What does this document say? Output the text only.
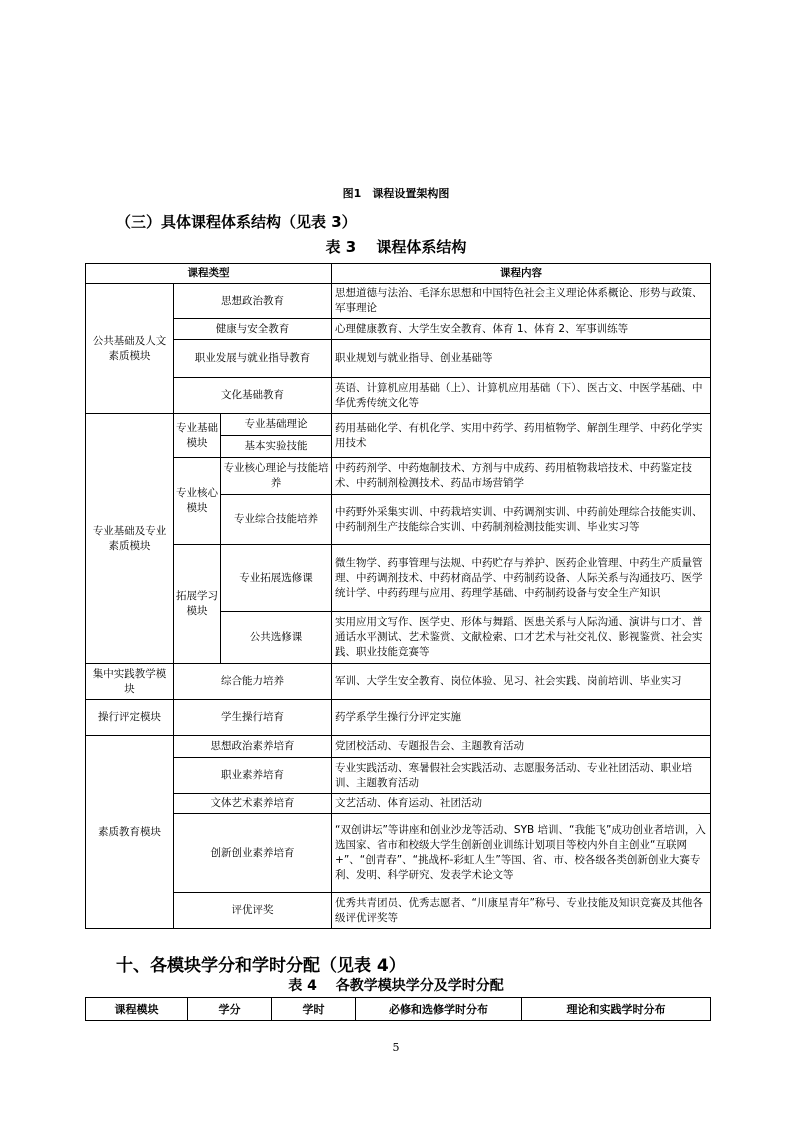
图1　课程设置架构图
（三）具体课程体系结构（见表 3）
表 3　 课程体系结构
课程类型			课程内容
公共基础及人文素质模块	思想政治教育		思想道德与法治、毛泽东思想和中国特色社会主义理论体系概论、形势与政策、军事理论
	健康与安全教育		心理健康教育、大学生安全教育、体育 1、体育 2、军事训练等
	职业发展与就业指导教育		职业规划与就业指导、创业基础等
	文化基础教育		英语、计算机应用基础（上）、计算机应用基础（下）、医古文、中医学基础、中华优秀传统文化等
专业基础及专业素质模块	专业基础模块	专业基础理论	药用基础化学、有机化学、实用中药学、药用植物学、解剖生理学、中药化学实用技术
		基本实验技能	
	专业核心模块	专业核心理论与技能培养	中药药剂学、中药炮制技术、方剂与中成药、药用植物栽培技术、中药鉴定技术、中药制剂检测技术、药品市场营销学
		专业综合技能培养	中药野外采集实训、中药栽培实训、中药调剂实训、中药前处理综合技能实训、中药制剂生产技能综合实训、中药制剂检测技能实训、毕业实习等
	拓展学习模块	专业拓展选修课	微生物学、药事管理与法规、中药贮存与养护、医药企业管理、中药生产质量管理、中药调剂技术、中药材商品学、中药制药设备、人际关系与沟通技巧、医学统计学、中药药理与应用、药理学基础、中药制药设备与安全生产知识

		公共选修课	实用应用文写作、医学史、形体与舞蹈、医患关系与人际沟通、演讲与口才、普通话水平测试、艺术鉴赏、文献检索、口才艺术与社交礼仪、影视鉴赏、社会实践、职业技能竞赛等
集中实践教学模块	综合能力培养		军训、大学生安全教育、岗位体验、见习、社会实践、岗前培训、毕业实习
操行评定模块	学生操行培育		药学系学生操行分评定实施
素质教育模块	思想政治素养培育		党团校活动、专题报告会、主题教育活动
	职业素养培育		专业实践活动、寒暑假社会实践活动、志愿服务活动、专业社团活动、职业培训、主题教育活动
	文体艺术素养培育		文艺活动、体育运动、社团活动
	创新创业素养培育		“双创讲坛”等讲座和创业沙龙等活动、SYB 培训、“我能飞”成功创业者培训，入选国家、省市和校级大学生创新创业训练计划项目等校内外自主创业“互联网+”、“创青春”、“挑战杯-彩虹人生”等国、省、市、校各级各类创新创业大赛专利、发明、科学研究、发表学术论文等
	评优评奖		优秀共青团员、优秀志愿者、“川康星青年”称号、专业技能及知识竞赛及其他各级评优评奖等
十、各模块学分和学时分配（见表 4）
表 4　 各教学模块学分及学时分配
课程模块	学分	学时	必修和选修学时分布	理论和实践学时分布
5
